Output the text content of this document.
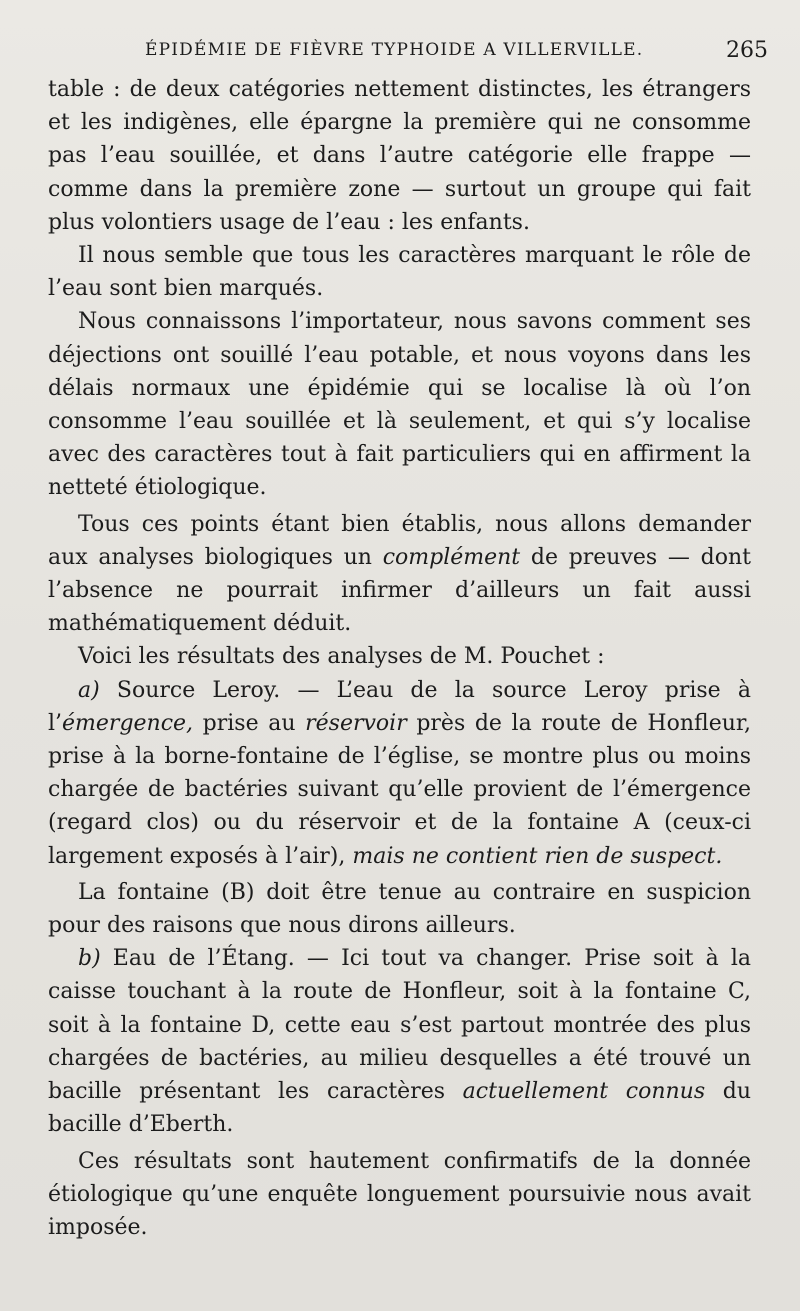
ÉPIDÉMIE DE FIÈVRE TYPHOIDE A VILLERVILLE.	265

table : de deux catégories nettement distinctes, les étrangers et les indigènes, elle épargne la première qui ne consomme pas l’eau souillée, et dans l’autre catégorie elle frappe — comme dans la première zone — surtout un groupe qui fait plus volontiers usage de l’eau : les enfants.

Il nous semble que tous les caractères marquant le rôle de l’eau sont bien marqués.

Nous connaissons l’importateur, nous savons comment ses déjections ont souillé l’eau potable, et nous voyons dans les délais normaux une épidémie qui se localise là où l’on consomme l’eau souillée et là seulement, et qui s’y localise avec des caractères tout à fait particuliers qui en affirment la netteté étiologique.

Tous ces points étant bien établis, nous allons demander aux analyses biologiques un complément de preuves — dont l’absence ne pourrait infirmer d’ailleurs un fait aussi mathématiquement déduit.

Voici les résultats des analyses de M. Pouchet :

a) Source Leroy. — L’eau de la source Leroy prise à l’émergence, prise au réservoir près de la route de Honfleur, prise à la borne-fontaine de l’église, se montre plus ou moins chargée de bactéries suivant qu’elle provient de l’émergence (regard clos) ou du réservoir et de la fontaine A (ceux-ci largement exposés à l’air), mais ne contient rien de suspect.

La fontaine (B) doit être tenue au contraire en suspicion pour des raisons que nous dirons ailleurs.

b) Eau de l’Étang. — Ici tout va changer. Prise soit à la caisse touchant à la route de Honfleur, soit à la fontaine C, soit à la fontaine D, cette eau s’est partout montrée des plus chargées de bactéries, au milieu desquelles a été trouvé un bacille présentant les caractères actuellement connus du bacille d’Eberth.

Ces résultats sont hautement confirmatifs de la donnée étiologique qu’une enquête longuement poursuivie nous avait imposée.
